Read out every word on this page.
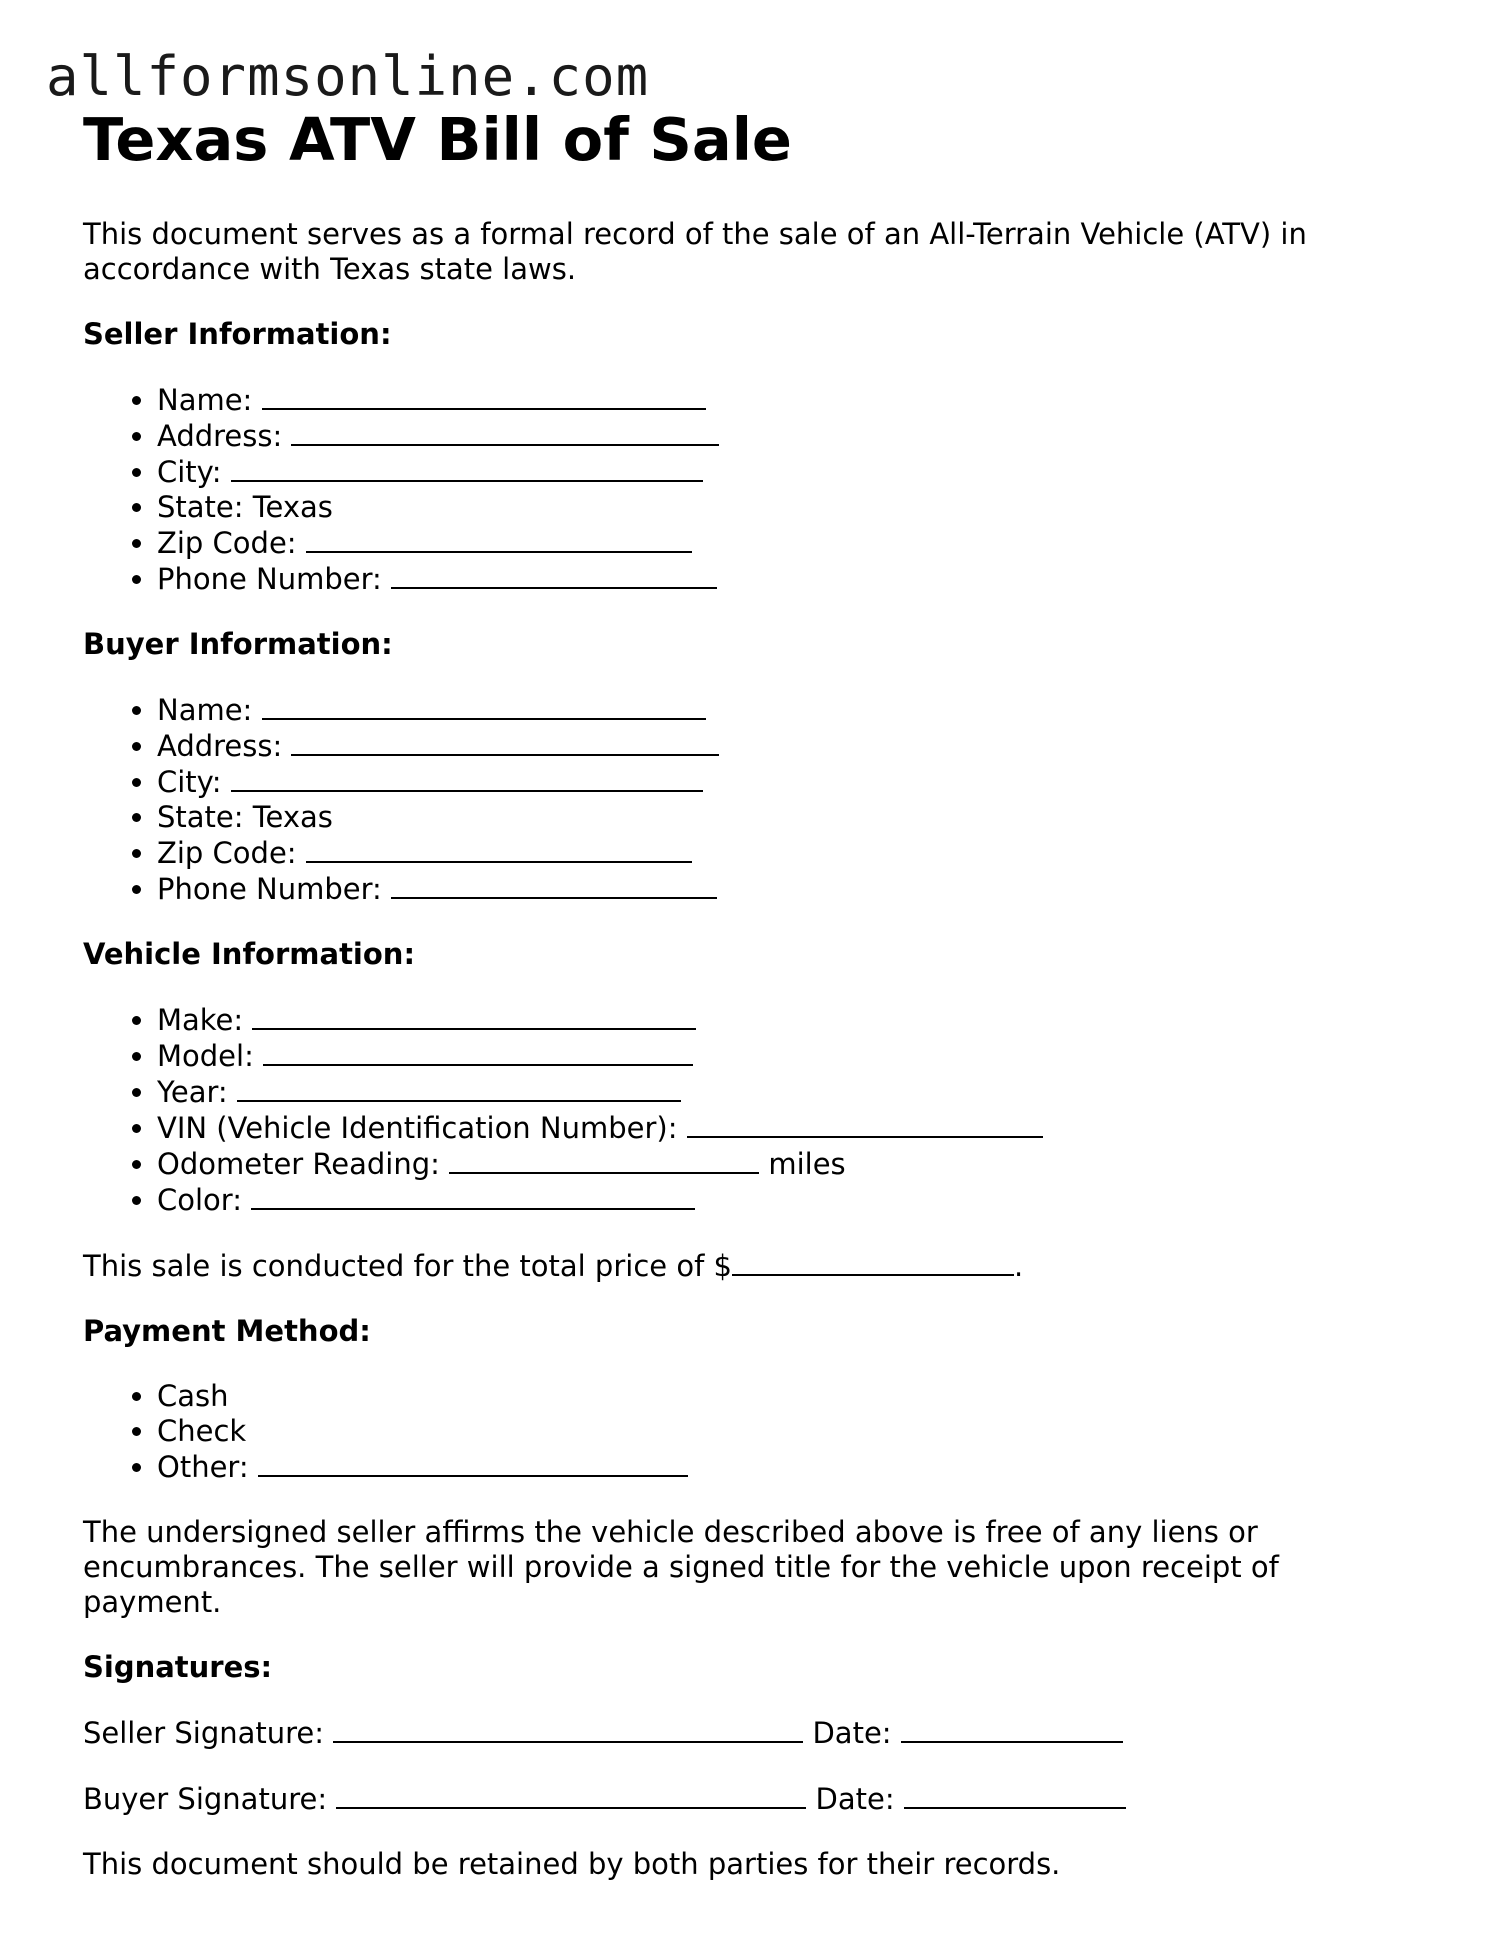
allformsonline.com
Texas ATV Bill of Sale

This document serves as a formal record of the sale of an All-Terrain Vehicle (ATV) in accordance with Texas state laws.

Seller Information:

• Name:
• Address:
• City:
• State: Texas
• Zip Code:
• Phone Number:

Buyer Information:

• Name:
• Address:
• City:
• State: Texas
• Zip Code:
• Phone Number:

Vehicle Information:

• Make:
• Model:
• Year:
• VIN (Vehicle Identification Number):
• Odometer Reading:	miles
• Color:

This sale is conducted for the total price of $	.

Payment Method:

• Cash
• Check
• Other:

The undersigned seller affirms the vehicle described above is free of any liens or encumbrances. The seller will provide a signed title for the vehicle upon receipt of payment.

Signatures:

Seller Signature:	Date:

Buyer Signature:	Date:

This document should be retained by both parties for their records.
